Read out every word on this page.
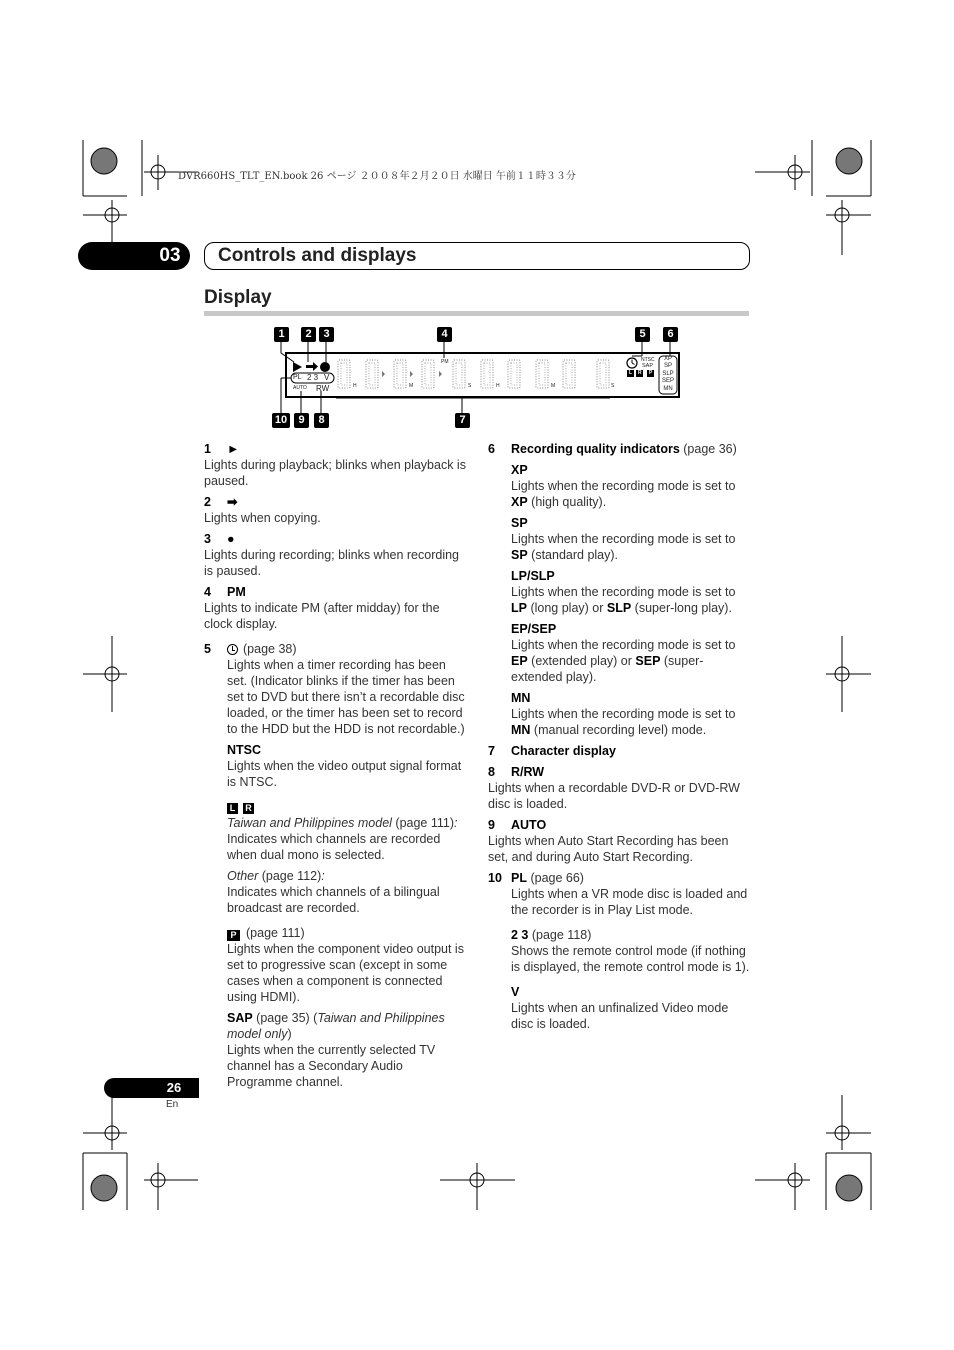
DVR660HS_TLT_EN.book 26 ページ ２００８年２月２０日 水曜日 午前１１時３３分
03	Controls and displays
Display
1	2	3	4	5	6
7
8
9
10
PM
PL 2 3 V
AUTO RW
NTSC
SAP
L R P
XP
SP
SLP
SEP
MN
H	M	S	H	M	S

1 ►

Lights during playback; blinks when playback is paused.

2 ➡

Lights when copying.

3 ●

Lights during recording; blinks when recording is paused.

4 PM

Lights to indicate PM (after midday) for the clock display.

5	(page 38)

Lights when a timer recording has been set. (Indicator blinks if the timer has been set to DVD but there isn’t a recordable disc loaded, or the timer has been set to record to the HDD but the HDD is not recordable.)

NTSC

Lights when the video output signal format is NTSC.

L R

Taiwan and Philippines model (page 111):

Indicates which channels are recorded when dual mono is selected.

Other (page 112):

Indicates which channels of a bilingual broadcast are recorded.

P (page 111)

Lights when the component video output is set to progressive scan (except in some cases when a component is connected using HDMI).

SAP (page 35) (Taiwan and Philippines model only)

Lights when the currently selected TV channel has a Secondary Audio Programme channel.

6 Recording quality indicators (page 36)

XP

Lights when the recording mode is set to XP (high quality).

SP

Lights when the recording mode is set to SP (standard play).

LP/SLP

Lights when the recording mode is set to LP (long play) or SLP (super-long play).

EP/SEP

Lights when the recording mode is set to EP (extended play) or SEP (super-extended play).

MN

Lights when the recording mode is set to MN (manual recording level) mode.

7 Character display

8 R/RW

Lights when a recordable DVD-R or DVD-RW disc is loaded.

9 AUTO

Lights when Auto Start Recording has been set, and during Auto Start Recording.

10 PL (page 66)

Lights when a VR mode disc is loaded and the recorder is in Play List mode.

2 3 (page 118)

Shows the remote control mode (if nothing is displayed, the remote control mode is 1).

V

Lights when an unfinalized Video mode disc is loaded.

26
En
